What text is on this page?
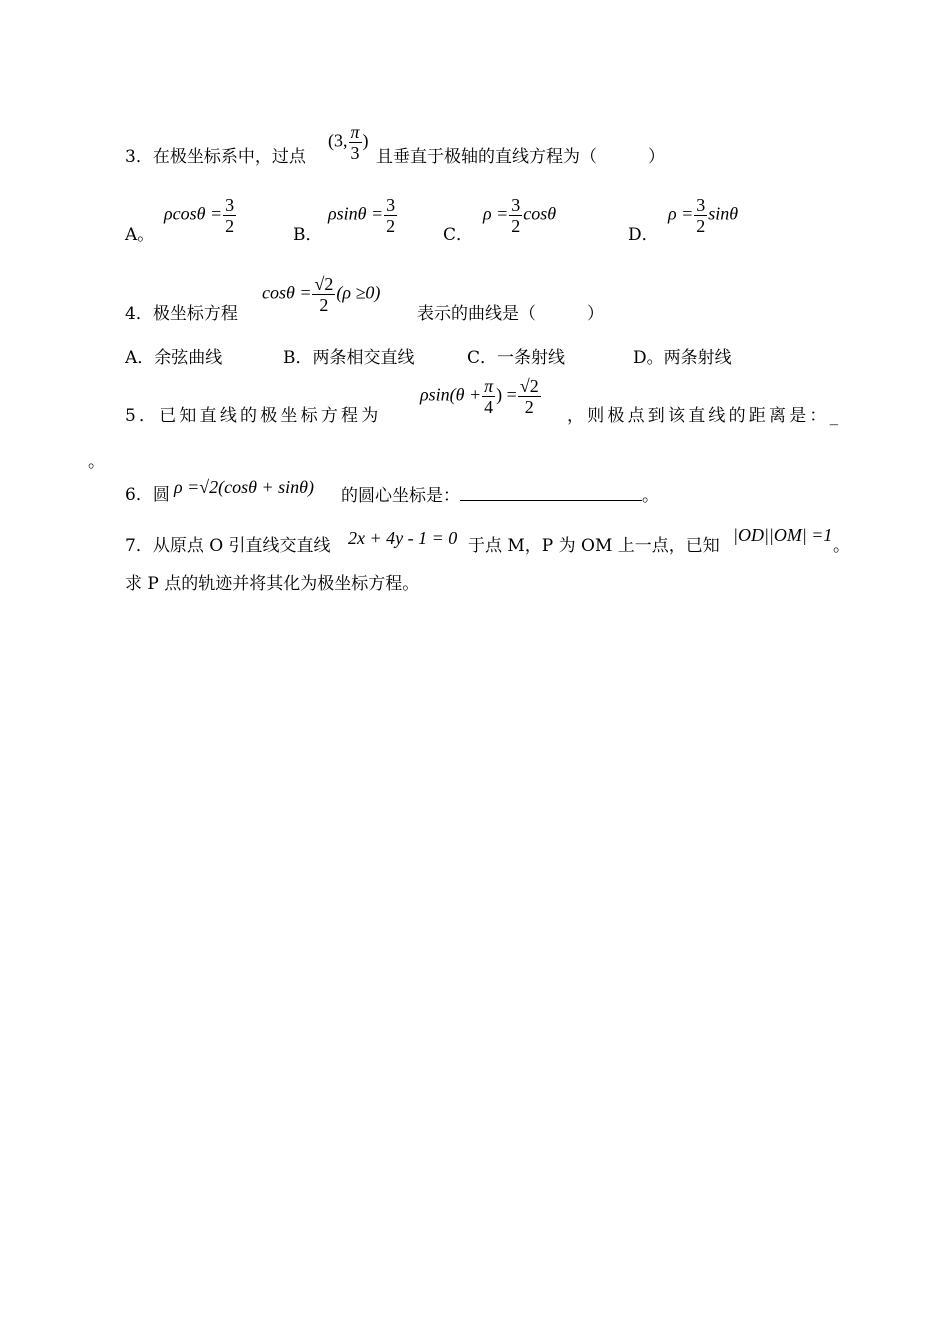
3．在极坐标系中，过点
(3, $\frac{\pi}{3}$ )
且垂直于极轴的直线方程为（　　　）
A。
$\rho\cos\theta = \frac{3}{2}$	B．
$\rho\sin\theta = \frac{3}{2}$	C．
$\rho = \frac{3}{2}$ cosθ
D．
$\rho = \frac{3}{2}$ sinθ
4．极坐标方程
$\cos\theta = \frac{√2}{2} (\rho \ge 0)$
表示的曲线是（　　　）
A．余弦曲线	B．两条相交直线	C．一条射线	D。两条射线
5．已知直线的极坐标方程为
$\rho\sin(\theta + \frac{\pi}{4}$ ) = $\frac{√2}{2}$ ，则极点到该直线的距离是：_
。
6．圆 ρ =√2(cosθ + sinθ) 的圆心坐标是：	。
7．从原点 O 引直线交直线 2x + 4y - 1 = 0 于点 M，P 为 OM 上一点，已知
|OD||OM| =1
。
求 P 点的轨迹并将其化为极坐标方程。
